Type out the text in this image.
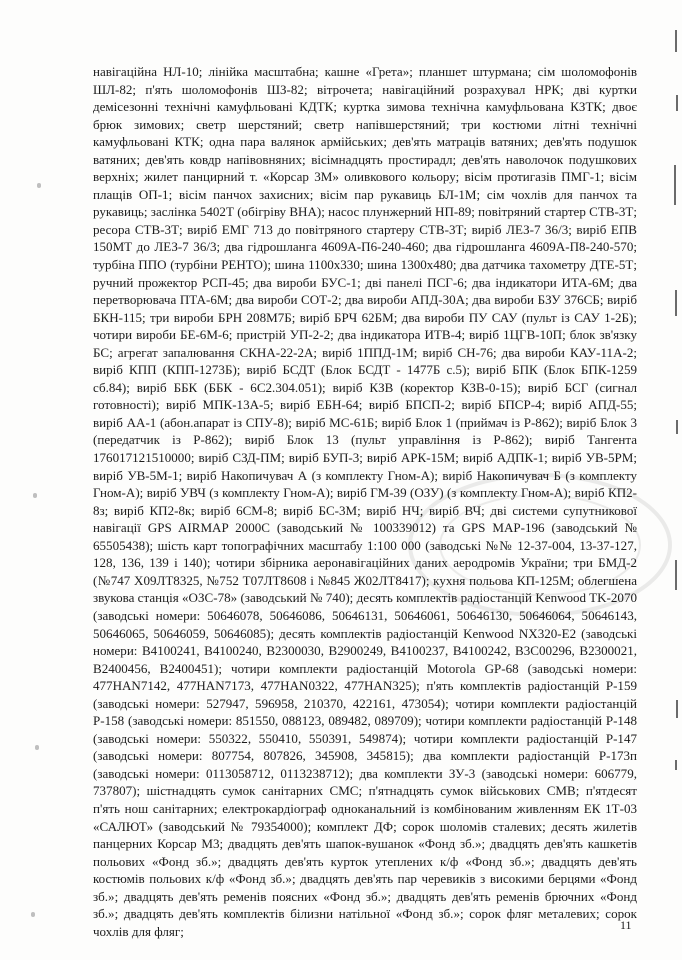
навігаційна НЛ-10; лінійка масштабна; кашне «Грета»; планшет штурмана; сім шоломофонів ШЛ-82; п'ять шоломофонів ШЗ-82; вітрочета; навігаційний розрахувал НРК; дві куртки демісезонні технічні камуфльовані КДТК; куртка зимова технічна камуфльована КЗТК; двоє брюк зимових; светр шерстяний; светр напівшерстяний; три костюми літні технічні камуфльовані КТК; одна пара валянок армійських; дев'ять матраців ватяних; дев'ять подушок ватяних; дев'ять ковдр напівовняних; вісімнадцять простирадл; дев'ять наволочок подушкових верхніх; жилет панцирний т. «Корсар 3М» оливкового кольору; вісім протигазів ПМГ-1; вісім плащів ОП-1; вісім панчох захисних; вісім пар рукавиць БЛ-1М; сім чохлів для панчох та рукавиць; заслінка 5402Т (обігріву ВНА); насос плунжерний НП-89; повітряний стартер СТВ-3Т; ресора СТВ-3Т; виріб ЕМГ 713 до повітряного стартеру СТВ-3Т; виріб ЛЕЗ-7 36/3; виріб ЕПВ 150МТ до ЛЕЗ-7 36/3; два гідрошланга 4609А-П6-240-460; два гідрошланга 4609А-П8-240-570; турбіна ППО (турбіни РЕНТО); шина 1100х330; шина 1300х480; два датчика тахометру ДТЕ-5Т; ручний прожектор РСП-45; два вироби БУС-1; дві панелі ПСГ-6; два індикатори ИТА-6М; два перетворювача ПТА-6М; два вироби СОТ-2; два вироби АПД-30А; два вироби БЗУ 376СБ; виріб БКН-115; три вироби БРН 208М7Б; виріб БРЧ 62БМ; два вироби ПУ САУ (пульт із САУ 1-2Б); чотири вироби БЕ-6М-6; пристрій УП-2-2; два індикатора ИТВ-4; виріб 1ЦГВ-10П; блок зв'язку БС; агрегат запалювання СКНА-22-2А; виріб 1ППД-1М; виріб СН-76; два вироби КАУ-11А-2; виріб КПП (КПП-1273Б); виріб БСДТ (Блок БСДТ - 1477Б с.5); виріб БПК (Блок БПК-1259 сб.84); виріб ББК (ББК - 6С2.304.051); виріб КЗВ (коректор КЗВ-0-15); виріб БСГ (сигнал готовності); виріб МПК-13А-5; виріб ЕБН-64; виріб БПСП-2; виріб БПСР-4; виріб АПД-55; виріб АА-1 (абон.апарат із СПУ-8); виріб МС-61Б; виріб Блок 1 (приймач із Р-862); виріб Блок 3 (передатчик із Р-862); виріб Блок 13 (пульт управління із Р-862); виріб Тангента 176017121510000; виріб СЗД-ПМ; виріб БУП-3; виріб АРК-15М; виріб АДПК-1; виріб УВ-5РМ; виріб УВ-5М-1; виріб Накопичувач А (з комплекту Гном-А); виріб Накопичувач Б (з комплекту Гном-А); виріб УВЧ (з комплекту Гном-А); виріб ГМ-39 (ОЗУ) (з комплекту Гном-А); виріб КП2-8з; виріб КП2-8к; виріб 6СМ-8; виріб БС-3М; виріб НЧ; виріб ВЧ; дві системи супутникової навігації GPS AIRMAP 2000С (заводський № 100339012) та GPS MAP-196 (заводський № 65505438); шість карт топографічних масштабу 1:100 000 (заводські №№ 12-37-004, 13-37-127, 128, 136, 139 і 140); чотири збірника аеронавігаційних даних аеродромів України; три БМД-2 (№747 Х09ЛТ8325, №752 Т07ЛТ8608 і №845 Ж02ЛТ8417); кухня польова КП-125М; облегшена звукова станція «ОЗС-78» (заводський № 740); десять комплектів радіостанцій Kenwood TK-2070 (заводські номери: 50646078, 50646086, 50646131, 50646061, 50646130, 50646064, 50646143, 50646065, 50646059, 50646085); десять комплектів радіостанцій Kenwood NX320-E2 (заводські номери: В4100241, В4100240, В2300030, В2900249, В4100237, В4100242, В3С00296, В2300021, В2400456, В2400451); чотири комплекти радіостанцій Motorola GP-68 (заводські номери: 477HAN7142, 477HAN7173, 477HAN0322, 477HAN325); п'ять комплектів радіостанцій Р-159 (заводські номери: 527947, 596958, 210370, 422161, 473054); чотири комплекти радіостанцій Р-158 (заводські номери: 851550, 088123, 089482, 089709); чотири комплекти радіостанцій Р-148 (заводські номери: 550322, 550410, 550391, 549874); чотири комплекти радіостанцій Р-147 (заводські номери: 807754, 807826, 345908, 345815); два комплекти радіостанцій Р-173п (заводські номери: 0113058712, 0113238712); два комплекти ЗУ-3 (заводські номери: 606779, 737807); шістнадцять сумок санітарних СМС; п'ятнадцять сумок військових СМВ; п'ятдесят п'ять нош санітарних; електрокардіограф одноканальний із комбінованим живленням ЕК 1Т-03 «САЛЮТ» (заводський № 79354000); комплект ДФ; сорок шоломів сталевих; десять жилетів панцерних Корсар М3; двадцять дев'ять шапок-вушанок «Фонд зб.»; двадцять дев'ять кашкетів польових «Фонд зб.»; двадцять дев'ять курток утеплених к/ф «Фонд зб.»; двадцять дев'ять костюмів польових к/ф «Фонд зб.»; двадцять дев'ять пар черевиків з високими берцями «Фонд зб.»; двадцять дев'ять ременів поясних «Фонд зб.»; двадцять дев'ять ременів брючних «Фонд зб.»; двадцять дев'ять комплектів білизни натільної «Фонд зб.»; сорок фляг металевих; сорок чохлів для фляг;	11
